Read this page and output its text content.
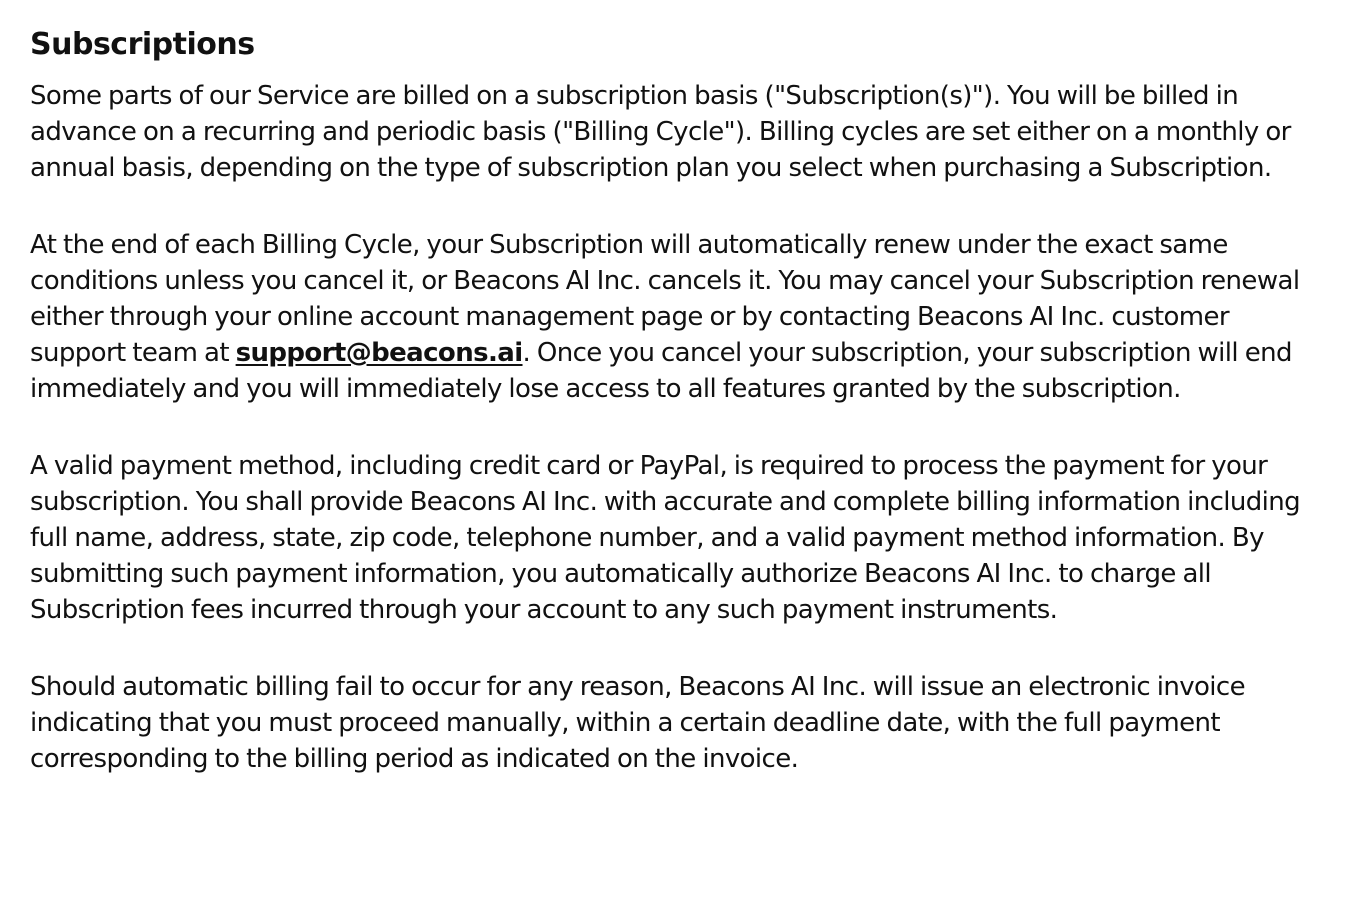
Subscriptions

Some parts of our Service are billed on a subscription basis ("Subscription(s)"). You will be billed in advance on a recurring and periodic basis ("Billing Cycle"). Billing cycles are set either on a monthly or annual basis, depending on the type of subscription plan you select when purchasing a Subscription.

At the end of each Billing Cycle, your Subscription will automatically renew under the exact same conditions unless you cancel it, or Beacons AI Inc. cancels it. You may cancel your Subscription renewal either through your online account management page or by contacting Beacons AI Inc. customer support team at support@beacons.ai. Once you cancel your subscription, your subscription will end immediately and you will immediately lose access to all features granted by the subscription.

A valid payment method, including credit card or PayPal, is required to process the payment for your subscription. You shall provide Beacons AI Inc. with accurate and complete billing information including full name, address, state, zip code, telephone number, and a valid payment method information. By submitting such payment information, you automatically authorize Beacons AI Inc. to charge all Subscription fees incurred through your account to any such payment instruments.

Should automatic billing fail to occur for any reason, Beacons AI Inc. will issue an electronic invoice indicating that you must proceed manually, within a certain deadline date, with the full payment corresponding to the billing period as indicated on the invoice.
